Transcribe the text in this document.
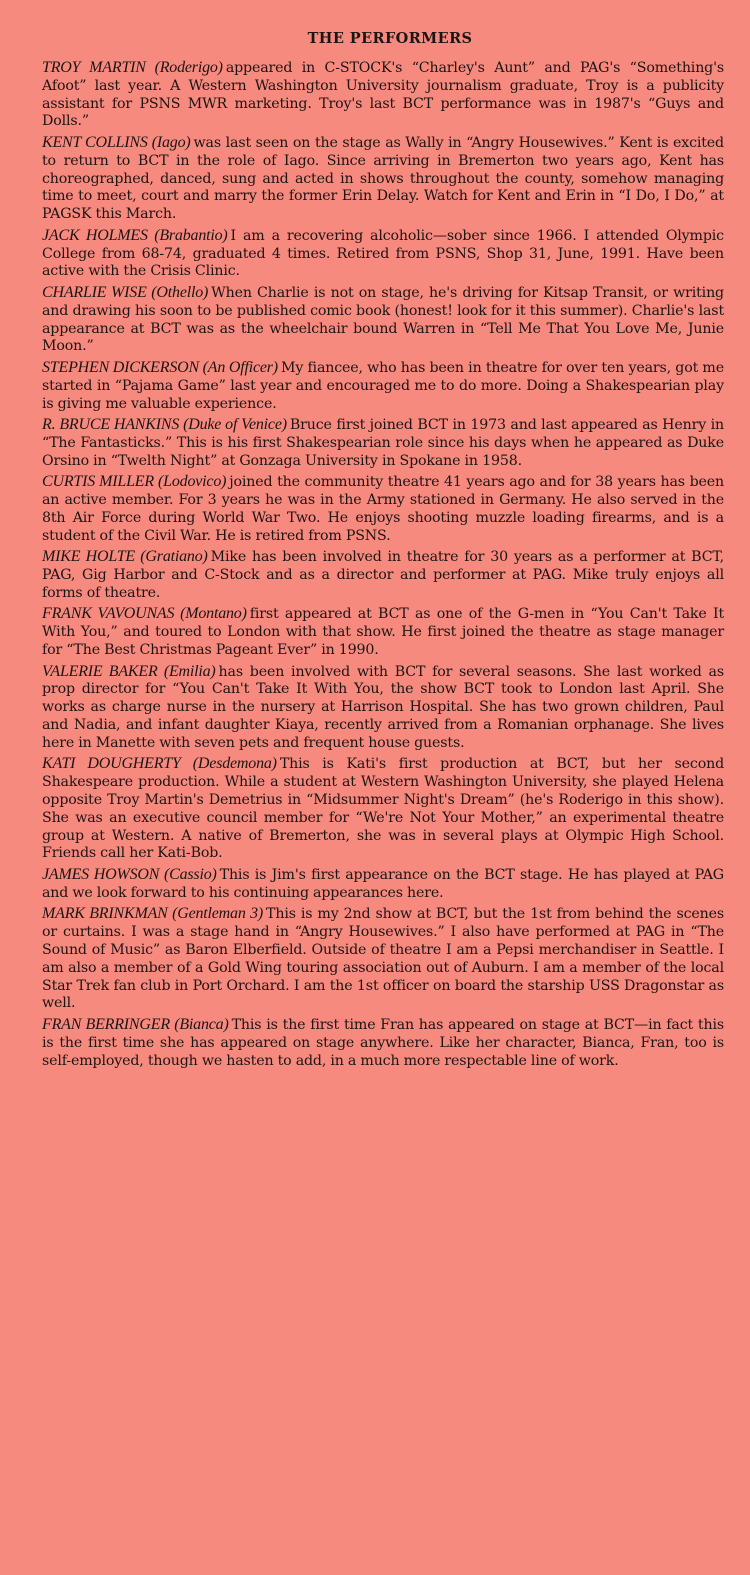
THE PERFORMERS

TROY MARTIN (Roderigo) appeared in C-STOCK's “Charley's Aunt” and PAG's “Something's Afoot” last year. A Western Washington University journalism graduate, Troy is a publicity assistant for PSNS MWR marketing. Troy's last BCT performance was in 1987's “Guys and Dolls.”

KENT COLLINS (Iago) was last seen on the stage as Wally in “Angry Housewives.” Kent is excited to return to BCT in the role of Iago. Since arriving in Bremerton two years ago, Kent has choreographed, danced, sung and acted in shows throughout the county, somehow managing time to meet, court and marry the former Erin Delay. Watch for Kent and Erin in “I Do, I Do,” at PAGSK this March.

JACK HOLMES (Brabantio) I am a recovering alcoholic—sober since 1966. I attended Olympic College from 68-74, graduated 4 times. Retired from PSNS, Shop 31, June, 1991. Have been active with the Crisis Clinic.

CHARLIE WISE (Othello) When Charlie is not on stage, he's driving for Kitsap Transit, or writing and drawing his soon to be published comic book (honest! look for it this summer). Charlie's last appearance at BCT was as the wheelchair bound Warren in “Tell Me That You Love Me, Junie Moon.”

STEPHEN DICKERSON (An Officer) My fiancee, who has been in theatre for over ten years, got me started in “Pajama Game” last year and encouraged me to do more. Doing a Shakespearian play is giving me valuable experience.

R. BRUCE HANKINS (Duke of Venice) Bruce first joined BCT in 1973 and last appeared as Henry in “The Fantasticks.” This is his first Shakespearian role since his days when he appeared as Duke Orsino in “Twelth Night” at Gonzaga University in Spokane in 1958.

CURTIS MILLER (Lodovico) joined the community theatre 41 years ago and for 38 years has been an active member. For 3 years he was in the Army stationed in Germany. He also served in the 8th Air Force during World War Two. He enjoys shooting muzzle loading firearms, and is a student of the Civil War. He is retired from PSNS.

MIKE HOLTE (Gratiano) Mike has been involved in theatre for 30 years as a performer at BCT, PAG, Gig Harbor and C-Stock and as a director and performer at PAG. Mike truly enjoys all forms of theatre.

FRANK VAVOUNAS (Montano) first appeared at BCT as one of the G-men in “You Can't Take It With You,” and toured to London with that show. He first joined the theatre as stage manager for “The Best Christmas Pageant Ever” in 1990.

VALERIE BAKER (Emilia) has been involved with BCT for several seasons. She last worked as prop director for “You Can't Take It With You, the show BCT took to London last April. She works as charge nurse in the nursery at Harrison Hospital. She has two grown children, Paul and Nadia, and infant daughter Kiaya, recently arrived from a Romanian orphanage. She lives here in Manette with seven pets and frequent house guests.

KATI DOUGHERTY (Desdemona) This is Kati's first production at BCT, but her second Shakespeare production. While a student at Western Washington University, she played Helena opposite Troy Martin's Demetrius in “Midsummer Night's Dream” (he's Roderigo in this show). She was an executive council member for “We're Not Your Mother,” an experimental theatre group at Western. A native of Bremerton, she was in several plays at Olympic High School. Friends call her Kati-Bob.

JAMES HOWSON (Cassio) This is Jim's first appearance on the BCT stage. He has played at PAG and we look forward to his continuing appearances here.

MARK BRINKMAN (Gentleman 3) This is my 2nd show at BCT, but the 1st from behind the scenes or curtains. I was a stage hand in “Angry Housewives.” I also have performed at PAG in “The Sound of Music” as Baron Elberfield. Outside of theatre I am a Pepsi merchandiser in Seattle. I am also a member of a Gold Wing touring association out of Auburn. I am a member of the local Star Trek fan club in Port Orchard. I am the 1st officer on board the starship USS Dragonstar as well.

FRAN BERRINGER (Bianca) This is the first time Fran has appeared on stage at BCT—in fact this is the first time she has appeared on stage anywhere. Like her character, Bianca, Fran, too is self-employed, though we hasten to add, in a much more respectable line of work.
